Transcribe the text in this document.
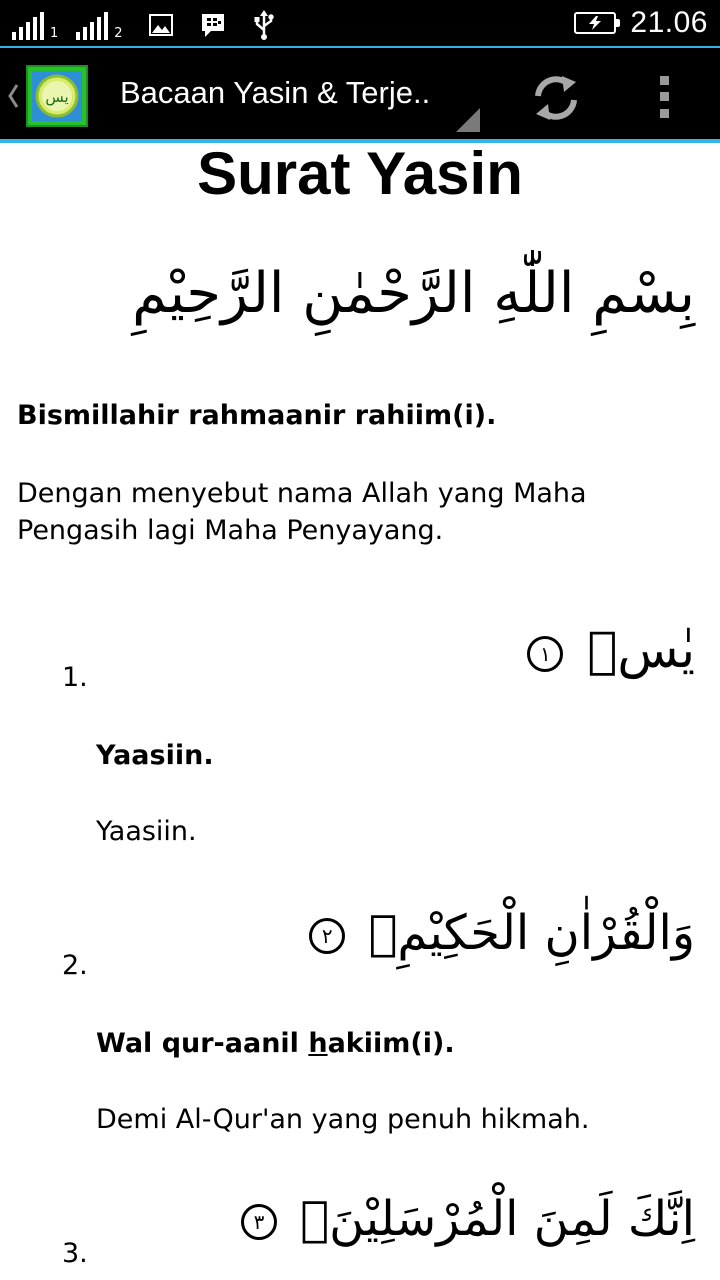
1	2	21.06
يس Bacaan Yasin & Terje..
Surat Yasin
بِسْمِ اللّٰهِ الرَّحْمٰنِ الرَّحِيْمِ
Bismillahir rahmaanir rahiim(i).
Dengan menyebut nama Allah yang Maha
Pengasih lagi Maha Penyayang.
يٰسۤ ١
1.
Yaasiin.
Yaasiin.
وَالْقُرْاٰنِ الْحَكِيْمِۙ ٢
2.
Wal qur-aanil hakiim(i).
Demi Al-Qur'an yang penuh hikmah.
اِنَّكَ لَمِنَ الْمُرْسَلِيْنَۙ ٣
3.
